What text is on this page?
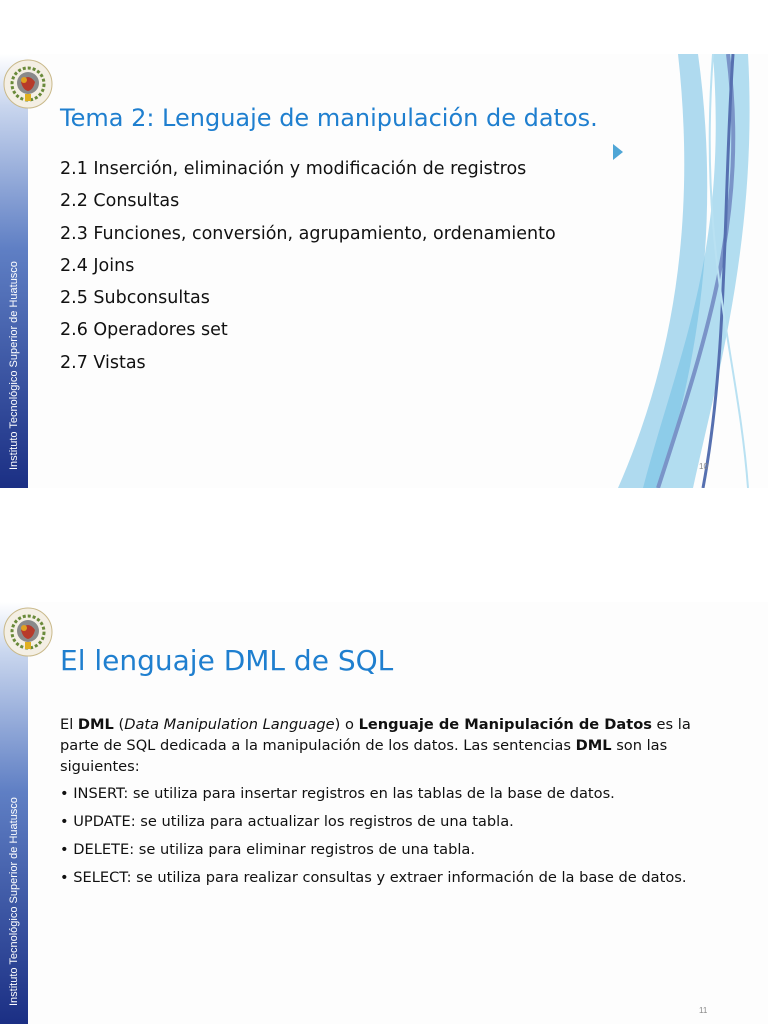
Instituto Tecnológico Superior de Huatusco
Tema 2: Lenguaje de manipulación de datos.
2.1 Inserción, eliminación y modificación de registros
2.2 Consultas
2.3 Funciones, conversión, agrupamiento, ordenamiento
2.4 Joins
2.5 Subconsultas
2.6 Operadores set
2.7 Vistas
10
Instituto Tecnológico Superior de Huatusco
El lenguaje DML de SQL

El DML (Data Manipulation Language) o Lenguaje de Manipulación de Datos es la parte de SQL dedicada a la manipulación de los datos. Las sentencias DML son las siguientes:

• INSERT: se utiliza para insertar registros en las tablas de la base de datos.
• UPDATE: se utiliza para actualizar los registros de una tabla.
• DELETE: se utiliza para eliminar registros de una tabla.
• SELECT: se utiliza para realizar consultas y extraer información de la base de datos.
11
